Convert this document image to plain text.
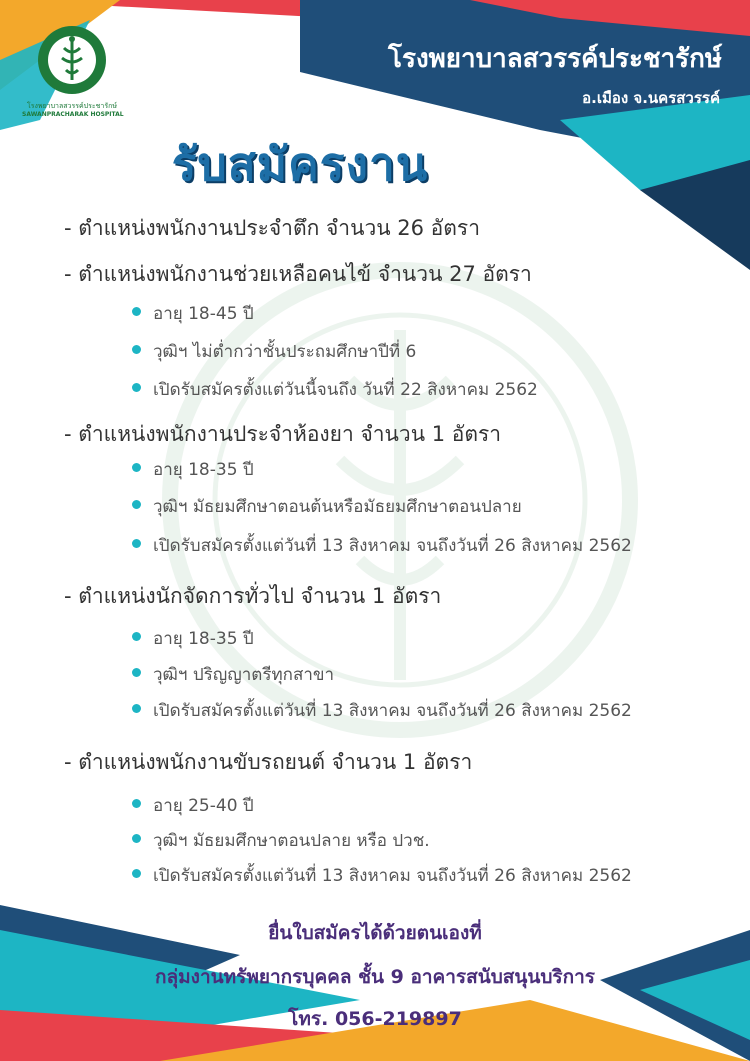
โรงพยาบาลสวรรค์ประชารักษ์
SAWANPRACHARAK HOSPITAL
โรงพยาบาลสวรรค์ประชารักษ์
อ.เมือง จ.นครสวรรค์
รับสมัครงาน
- ตำแหน่งพนักงานประจำตึก จำนวน 26 อัตรา
- ตำแหน่งพนักงานช่วยเหลือคนไข้ จำนวน 27 อัตรา
อายุ 18-45 ปี
วุฒิฯ ไม่ต่ำกว่าชั้นประถมศึกษาปีที่ 6
เปิดรับสมัครตั้งแต่วันนี้จนถึง วันที่ 22 สิงหาคม 2562
- ตำแหน่งพนักงานประจำห้องยา จำนวน 1 อัตรา
อายุ 18-35 ปี
วุฒิฯ มัธยมศึกษาตอนต้นหรือมัธยมศึกษาตอนปลาย
เปิดรับสมัครตั้งแต่วันที่ 13 สิงหาคม จนถึงวันที่ 26 สิงหาคม 2562
- ตำแหน่งนักจัดการทั่วไป จำนวน 1 อัตรา
อายุ 18-35 ปี
วุฒิฯ ปริญญาตรีทุกสาขา
เปิดรับสมัครตั้งแต่วันที่ 13 สิงหาคม จนถึงวันที่ 26 สิงหาคม 2562
- ตำแหน่งพนักงานขับรถยนต์ จำนวน 1 อัตรา
อายุ 25-40 ปี
วุฒิฯ มัธยมศึกษาตอนปลาย หรือ ปวช.
เปิดรับสมัครตั้งแต่วันที่ 13 สิงหาคม จนถึงวันที่ 26 สิงหาคม 2562
ยื่นใบสมัครได้ด้วยตนเองที่
กลุ่มงานทรัพยากรบุคคล ชั้น 9 อาคารสนับสนุนบริการ
โทร. 056-219897
